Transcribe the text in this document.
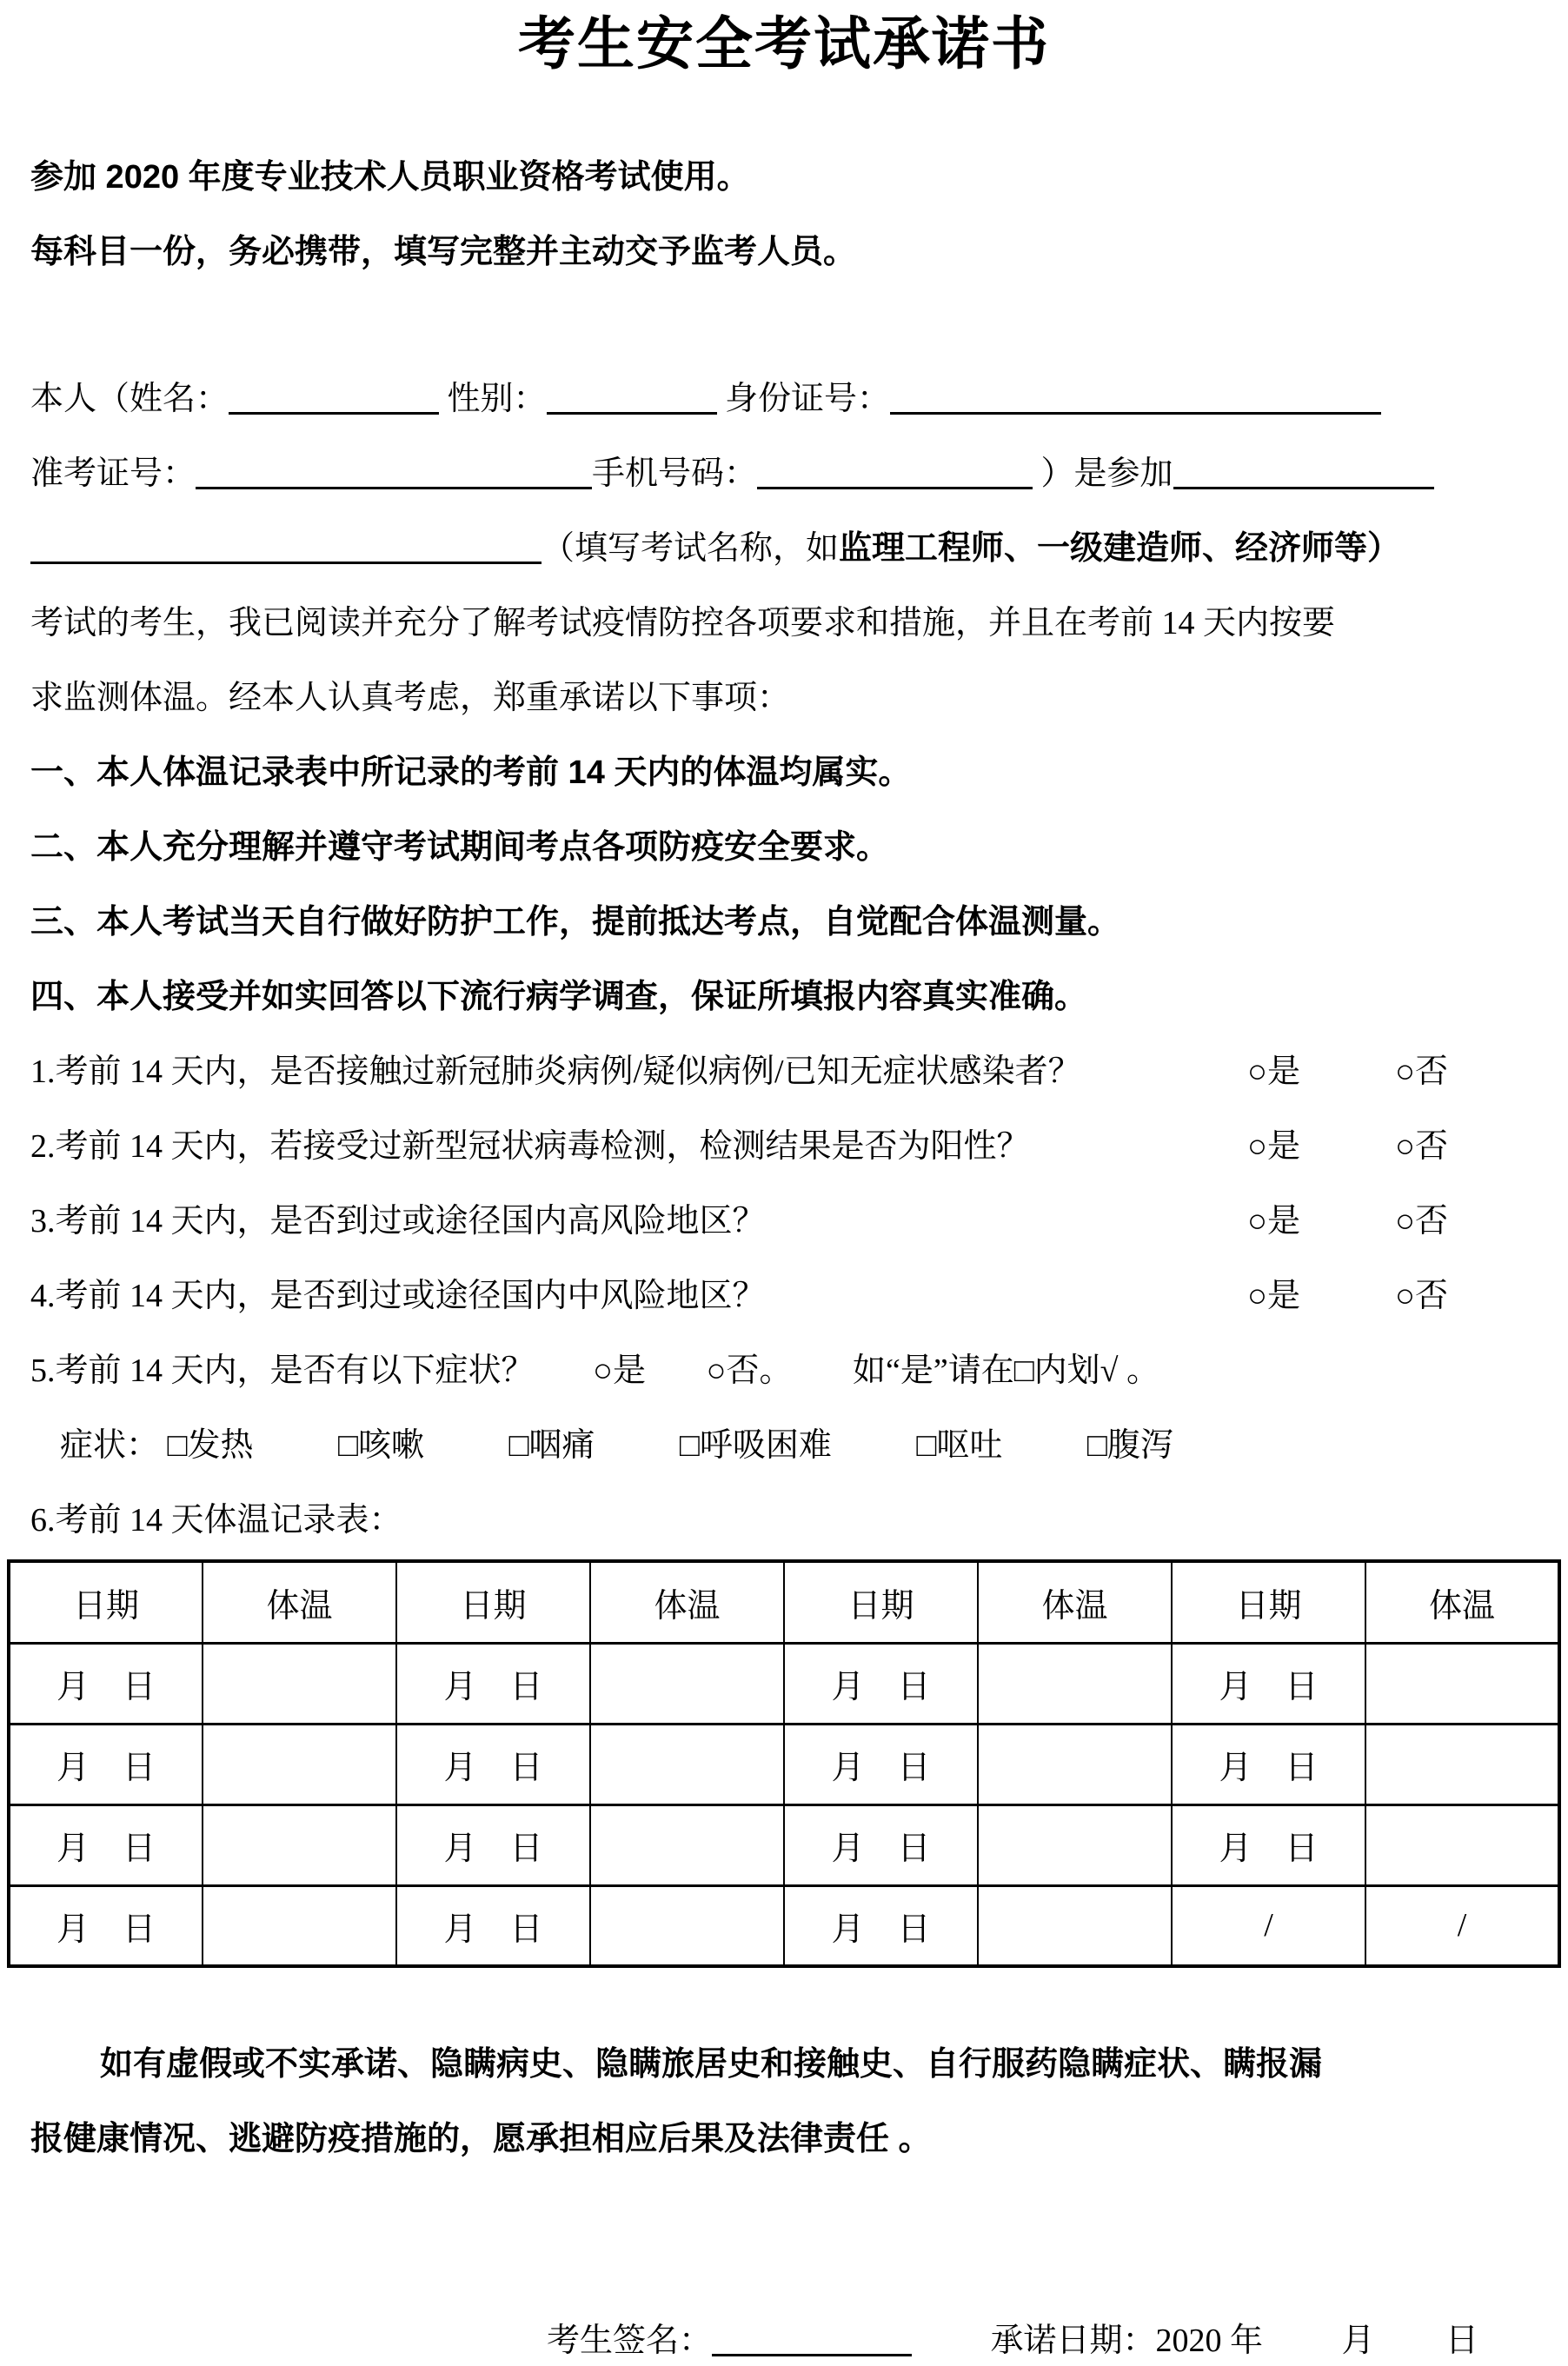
考生安全考试承诺书
参加 2020 年度专业技术人员职业资格考试使用。
每科目一份，务必携带，填写完整并主动交予监考人员。
本人（姓名：	性别：	身份证号：
准考证号：	手机号码：	）是参加
（填写考试名称，如监理工程师、一级建造师、经济师等）
考试的考生，我已阅读并充分了解考试疫情防控各项要求和措施，并且在考前 14 天内按要
求监测体温。经本人认真考虑，郑重承诺以下事项：
一、本人体温记录表中所记录的考前 14 天内的体温均属实。
二、本人充分理解并遵守考试期间考点各项防疫安全要求。
三、本人考试当天自行做好防护工作，提前抵达考点，自觉配合体温测量。
四、本人接受并如实回答以下流行病学调查，保证所填报内容真实准确。
1.考前 14 天内，是否接触过新冠肺炎病例/疑似病例/已知无症状感染者？	○是	○否
2.考前 14 天内，若接受过新型冠状病毒检测，检测结果是否为阳性？	○是	○否
3.考前 14 天内，是否到过或途径国内高风险地区？	○是	○否
4.考前 14 天内，是否到过或途径国内中风险地区？	○是	○否
5.考前 14 天内，是否有以下症状？ ○是 ○否。 如“是”请在□内划√ 。
症状： □发热	□咳嗽	□咽痛	□呼吸困难	□呕吐	□腹泻
6.考前 14 天体温记录表：
日期	体温	日期	体温	日期	体温	日期	体温
月　日		月　日		月　日		月　日	
月　日		月　日		月　日		月　日	
月　日		月　日		月　日		月　日	
月　日		月　日		月　日		/	/
如有虚假或不实承诺、隐瞒病史、隐瞒旅居史和接触史、自行服药隐瞒症状、瞒报漏
报健康情况、逃避防疫措施的，愿承担相应后果及法律责任 。
考生签名：	承诺日期：2020 年 月 日
